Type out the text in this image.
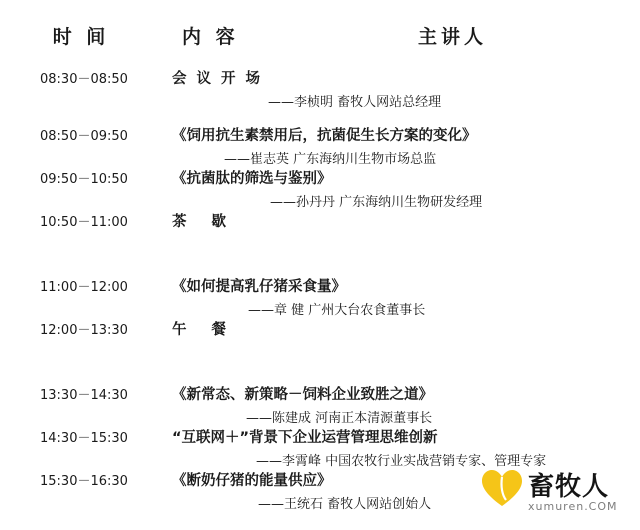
时 间	内 容	主讲人
08:30－08:50	会议开场
——李桢明 畜牧人网站总经理
08:50－09:50	《饲用抗生素禁用后，抗菌促生长方案的变化》
——崔志英 广东海纳川生物市场总监
09:50－10:50	《抗菌肽的筛选与鉴别》
——孙丹丹 广东海纳川生物研发经理
10:50－11:00	茶 歇
11:00－12:00	《如何提高乳仔猪采食量》
——章 健 广州大台农食董事长
12:00－13:30	午 餐
13:30－14:30	《新常态、新策略－饲料企业致胜之道》
——陈建成 河南正本清源董事长
14:30－15:30	“互联网＋”背景下企业运营管理思维创新
——李霄峰 中国农牧行业实战营销专家、管理专家
15:30－16:30	《断奶仔猪的能量供应》
——王统石 畜牧人网站创始人
畜牧人
xumuren.COM
